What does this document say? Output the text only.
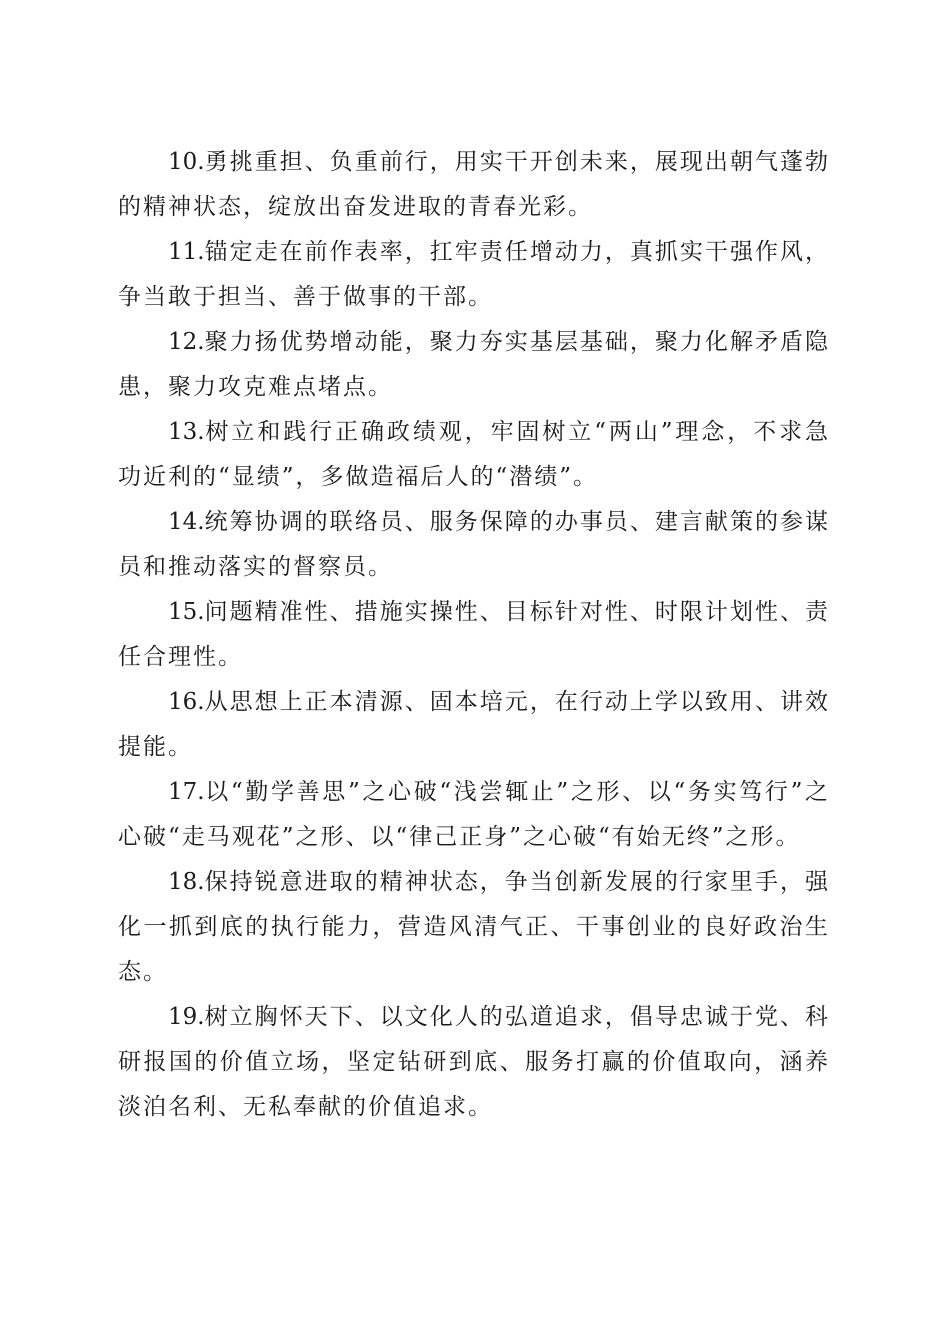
10.勇挑重担、负重前行，用实干开创未来，展现出朝气蓬勃的精神状态，绽放出奋发进取的青春光彩。

11.锚定走在前作表率，扛牢责任增动力，真抓实干强作风，争当敢于担当、善于做事的干部。

12.聚力扬优势增动能，聚力夯实基层基础，聚力化解矛盾隐患，聚力攻克难点堵点。

13.树立和践行正确政绩观，牢固树立“两山”理念，不求急功近利的“显绩”，多做造福后人的“潜绩”。

14.统筹协调的联络员、服务保障的办事员、建言献策的参谋员和推动落实的督察员。

15.问题精准性、措施实操性、目标针对性、时限计划性、责任合理性。

16.从思想上正本清源、固本培元，在行动上学以致用、讲效提能。

17.以“勤学善思”之心破“浅尝辄止”之形、以“务实笃行”之心破“走马观花”之形、以“律己正身”之心破“有始无终”之形。

18.保持锐意进取的精神状态，争当创新发展的行家里手，强化一抓到底的执行能力，营造风清气正、干事创业的良好政治生态。

19.树立胸怀天下、以文化人的弘道追求，倡导忠诚于党、科研报国的价值立场，坚定钻研到底、服务打赢的价值取向，涵养淡泊名利、无私奉献的价值追求。
